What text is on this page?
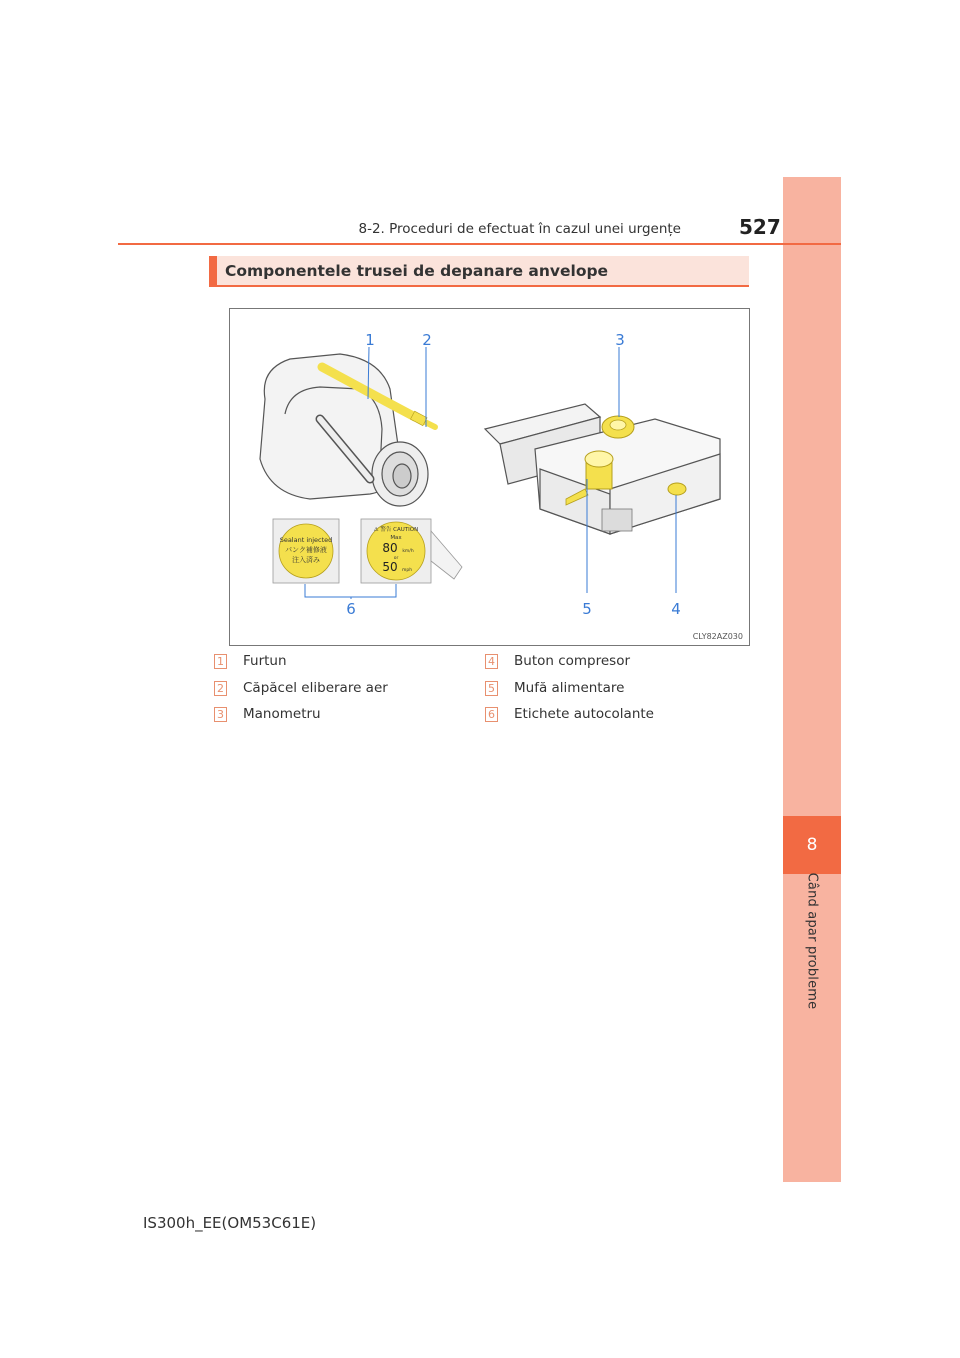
8
Când apar probleme
8-2. Proceduri de efectuat în cazul unei urgențe	527
Componentele trusei de depanare anvelope
Sealant injected
パンク補修液
注入済み
⚠ 警告 CAUTION
Max
80 km/h
or
50 mph
1	2	3
4
5
6
CLY82AZ030
1 Furtun
2 Căpăcel eliberare aer
3 Manometru
4 Buton compresor
5 Mufă alimentare
6 Etichete autocolante
IS300h_EE(OM53C61E)
